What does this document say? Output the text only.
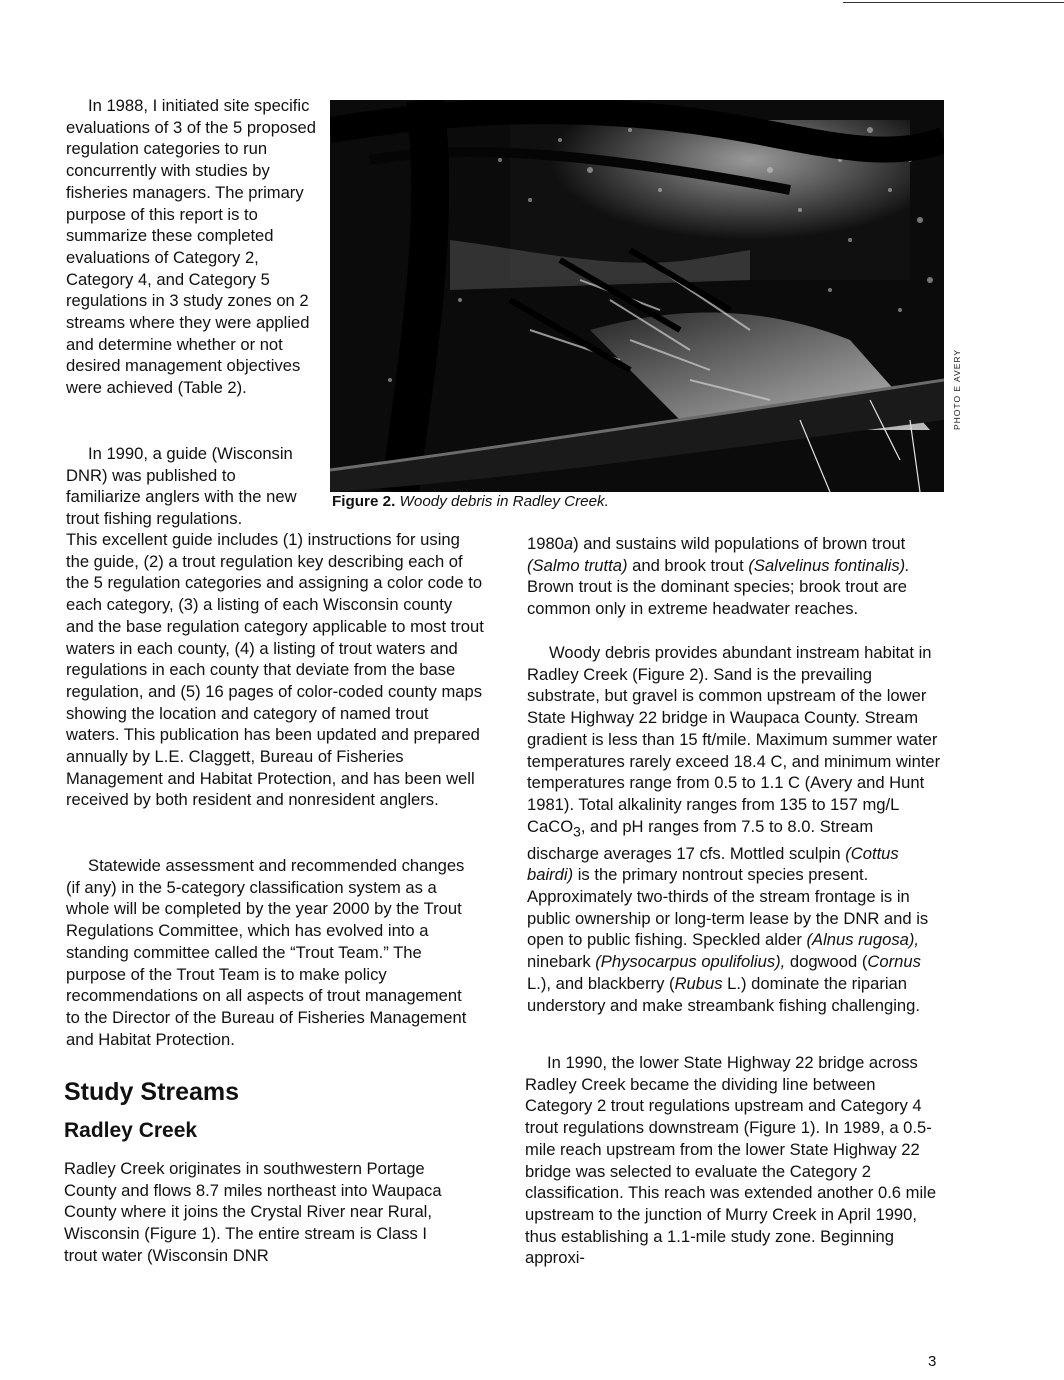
In 1988, I initiated site specific evaluations of 3 of the 5 proposed regulation categories to run concurrently with studies by fisheries managers. The primary purpose of this report is to summarize these completed evaluations of Category 2, Category 4, and Category 5 regulations in 3 study zones on 2 streams where they were applied and determine whether or not desired management objectives were achieved (Table 2).

In 1990, a guide (Wisconsin DNR) was published to familiarize anglers with the new trout fishing regulations.

This excellent guide includes (1) instructions for using the guide, (2) a trout regulation key describing each of the 5 regulation categories and assigning a color code to each category, (3) a listing of each Wisconsin county and the base regulation category applicable to most trout waters in each county, (4) a listing of trout waters and regulations in each county that deviate from the base regulation, and (5) 16 pages of color-coded county maps showing the location and category of named trout waters. This publication has been updated and prepared annually by L.E. Claggett, Bureau of Fisheries Management and Habitat Protection, and has been well received by both resident and nonresident anglers.

Statewide assessment and recommended changes (if any) in the 5-category classification system as a whole will be completed by the year 2000 by the Trout Regulations Committee, which has evolved into a standing committee called the “Trout Team.” The purpose of the Trout Team is to make policy recommendations on all aspects of trout management to the Director of the Bureau of Fisheries Management and Habitat Protection.

Study Streams
Radley Creek

Radley Creek originates in southwestern Portage County and flows 8.7 miles northeast into Waupaca County where it joins the Crystal River near Rural, Wisconsin (Figure 1). The entire stream is Class I trout water (Wisconsin DNR

PHOTO E AVERY
Figure 2. Woody debris in Radley Creek.

1980a) and sustains wild populations of brown trout (Salmo trutta) and brook trout (Salvelinus fontinalis). Brown trout is the dominant species; brook trout are common only in extreme headwater reaches.

Woody debris provides abundant instream habitat in Radley Creek (Figure 2). Sand is the prevailing substrate, but gravel is common upstream of the lower State Highway 22 bridge in Waupaca County. Stream gradient is less than 15 ft/mile. Maximum summer water temperatures rarely exceed 18.4 C, and minimum winter temperatures range from 0.5 to 1.1 C (Avery and Hunt 1981). Total alkalinity ranges from 135 to 157 mg/L CaCO$_3$, and pH ranges from 7.5 to 8.0. Stream discharge averages 17 cfs. Mottled sculpin (Cottus bairdi) is the primary nontrout species present. Approximately two-thirds of the stream frontage is in public ownership or long-term lease by the DNR and is open to public fishing. Speckled alder (Alnus rugosa), ninebark (Physocarpus opulifolius), dogwood (Cornus L.), and blackberry (Rubus L.) dominate the riparian understory and make streambank fishing challenging.

In 1990, the lower State Highway 22 bridge across Radley Creek became the dividing line between Category 2 trout regulations upstream and Category 4 trout regulations downstream (Figure 1). In 1989, a 0.5-mile reach upstream from the lower State Highway 22 bridge was selected to evaluate the Category 2 classification. This reach was extended another 0.6 mile upstream to the junction of Murry Creek in April 1990, thus establishing a 1.1-mile study zone. Beginning approxi-

3
